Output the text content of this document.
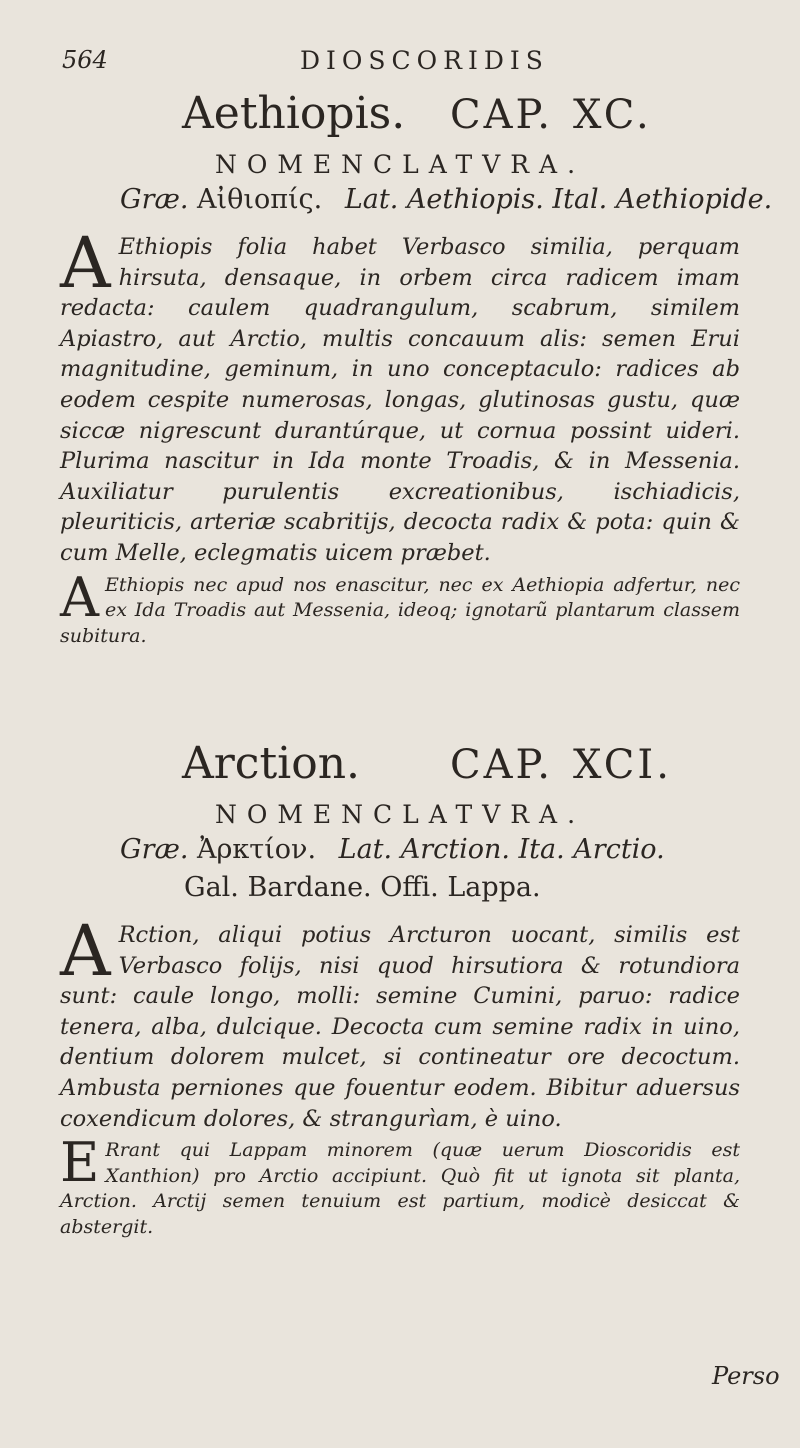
564	DIOSCORIDIS
Aethiopis. CAP. XC.
NOMENCLATVRA.
Græ. Αἰθιοπίς. Lat. Aethiopis. Ital. Aethiopide.
A Ethiopis folia habet Verbasco similia, perquam hirsuta, densaque, in orbem circa radicem imam redacta: caulem quadrangulum, scabrum, similem Apiastro, aut Arctio, multis concauum alis: semen Erui magnitudine, geminum, in uno conceptaculo: radices ab eodem cespite numerosas, longas, glutinosas gustu, quæ siccæ nigrescunt durantúrque, ut cornua possint uideri. Plurima nascitur in Ida monte Troadis, & in Messenia. Auxiliatur purulentis excreationibus, ischiadicis, pleuriticis, arteriæ scabritijs, decocta radix & pota: quin & cum Melle, eclegmatis uicem præbet.
A Ethiopis nec apud nos enascitur, nec ex Aethiopia adfertur, nec ex Ida Troadis aut Messenia, ideoq; ignotarũ plantarum classem subitura.
Arction. CAP. XCI.
NOMENCLATVRA.
Græ. Ἀρκτίον. Lat. Arction. Ita. Arctio.
Gal. Bardane. Offi. Lappa.
A Rction, aliqui potius Arcturon uocant, similis est Verbasco folijs, nisi quod hirsutiora & rotundiora sunt: caule longo, molli: semine Cumini, paruo: radice tenera, alba, dulcique. Decocta cum semine radix in uino, dentium dolorem mulcet, si contineatur ore decoctum. Ambusta perniones que fouentur eodem. Bibitur aduersus coxendicum dolores, & strangurìam, è uino.
E Rrant qui Lappam minorem (quæ uerum Dioscoridis est Xanthion) pro Arctio accipiunt. Quò fit ut ignota sit planta, Arction. Arctij semen tenuium est partium, modicè desiccat & abstergit.
Perso
